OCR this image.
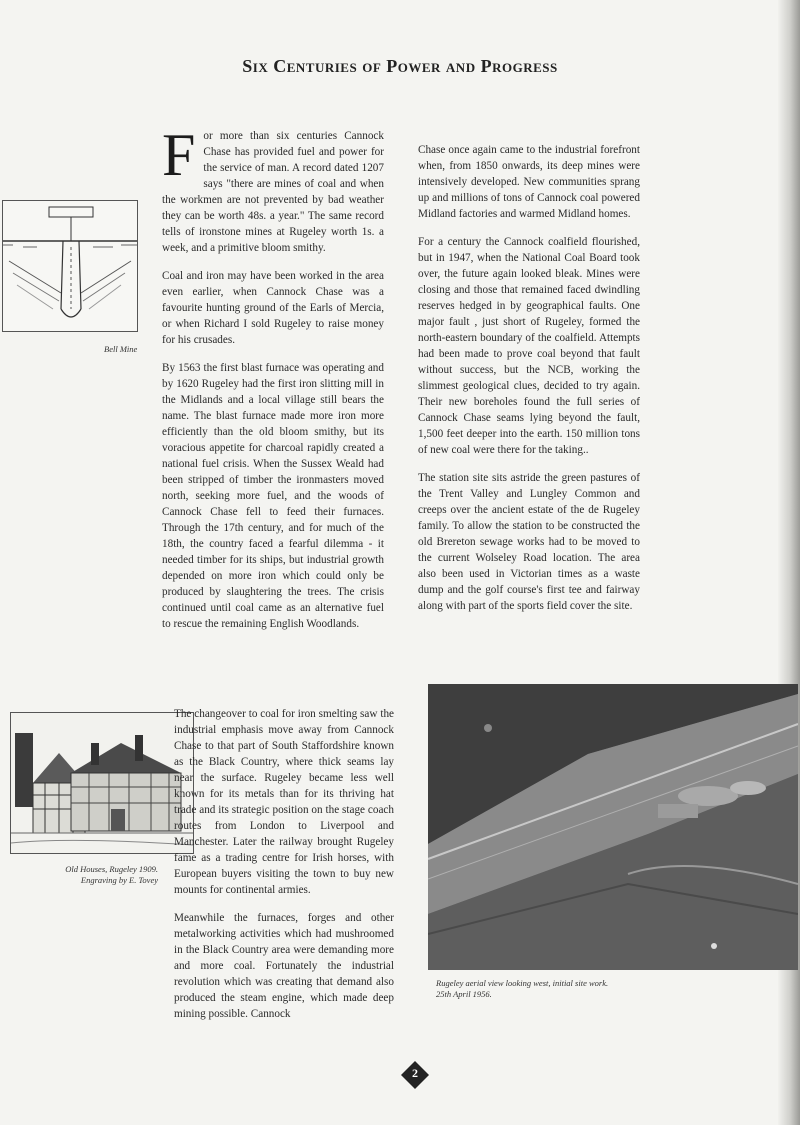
Six Centuries of Power and Progress
Bell Mine

For more than six centuries Cannock Chase has provided fuel and power for the service of man. A record dated 1207 says "there are mines of coal and when the workmen are not prevented by bad weather they can be worth 48s. a year." The same record tells of ironstone mines at Rugeley worth 1s. a week, and a primitive bloom smithy.

Coal and iron may have been worked in the area even earlier, when Cannock Chase was a favourite hunting ground of the Earls of Mercia, or when Richard I sold Rugeley to raise money for his crusades.

By 1563 the first blast furnace was operating and by 1620 Rugeley had the first iron slitting mill in the Midlands and a local village still bears the name. The blast furnace made more iron more efficiently than the old bloom smithy, but its voracious appetite for charcoal rapidly created a national fuel crisis. When the Sussex Weald had been stripped of timber the ironmasters moved north, seeking more fuel, and the woods of Cannock Chase fell to feed their furnaces. Through the 17th century, and for much of the 18th, the country faced a fearful dilemma - it needed timber for its ships, but industrial growth depended on more iron which could only be produced by slaughtering the trees. The crisis continued until coal came as an alternative fuel to rescue the remaining English Woodlands.

Old Houses, Rugeley 1909.
Engraving by E. Tovey

The changeover to coal for iron smelting saw the industrial emphasis move away from Cannock Chase to that part of South Staffordshire known as the Black Country, where thick seams lay near the surface. Rugeley became less well known for its metals than for its thriving hat trade and its strategic position on the stage coach routes from London to Liverpool and Manchester. Later the railway brought Rugeley fame as a trading centre for Irish horses, with European buyers visiting the town to buy new mounts for continental armies.

Meanwhile the furnaces, forges and other metalworking activities which had mushroomed in the Black Country area were demanding more and more coal. Fortunately the industrial revolution which was creating that demand also produced the steam engine, which made deep mining possible. Cannock

Chase once again came to the industrial forefront when, from 1850 onwards, its deep mines were intensively developed. New communities sprang up and millions of tons of Cannock coal powered Midland factories and warmed Midland homes.

For a century the Cannock coalfield flourished, but in 1947, when the National Coal Board took over, the future again looked bleak. Mines were closing and those that remained faced dwindling reserves hedged in by geographical faults. One major fault , just short of Rugeley, formed the north-eastern boundary of the coalfield. Attempts had been made to prove coal beyond that fault without success, but the NCB, working the slimmest geological clues, decided to try again. Their new boreholes found the full series of Cannock Chase seams lying beyond the fault, 1,500 feet deeper into the earth. 150 million tons of new coal were there for the taking..

The station site sits astride the green pastures of the Trent Valley and Lungley Common and creeps over the ancient estate of the de Rugeley family. To allow the station to be constructed the old Brereton sewage works had to be moved to the current Wolseley Road location. The area also been used in Victorian times as a waste dump and the golf course's first tee and fairway along with part of the sports field cover the site.

Rugeley aerial view looking west, initial site work.
25th April 1956.
2
